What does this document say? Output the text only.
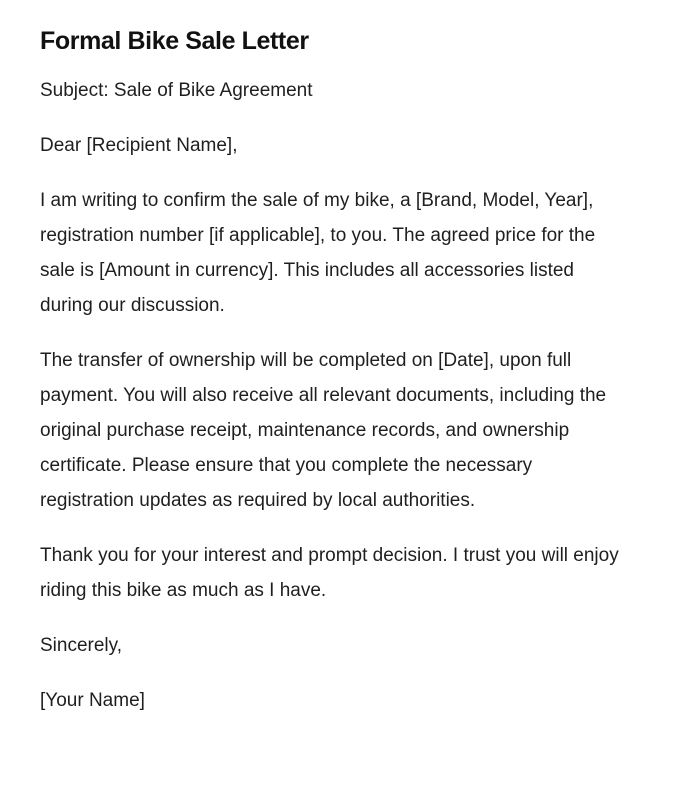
Formal Bike Sale Letter

Subject: Sale of Bike Agreement

Dear [Recipient Name],

I am writing to confirm the sale of my bike, a [Brand, Model, Year], registration number [if applicable], to you. The agreed price for the sale is [Amount in currency]. This includes all accessories listed during our discussion.

The transfer of ownership will be completed on [Date], upon full payment. You will also receive all relevant documents, including the original purchase receipt, maintenance records, and ownership certificate. Please ensure that you complete the necessary registration updates as required by local authorities.

Thank you for your interest and prompt decision. I trust you will enjoy riding this bike as much as I have.

Sincerely,

[Your Name]
